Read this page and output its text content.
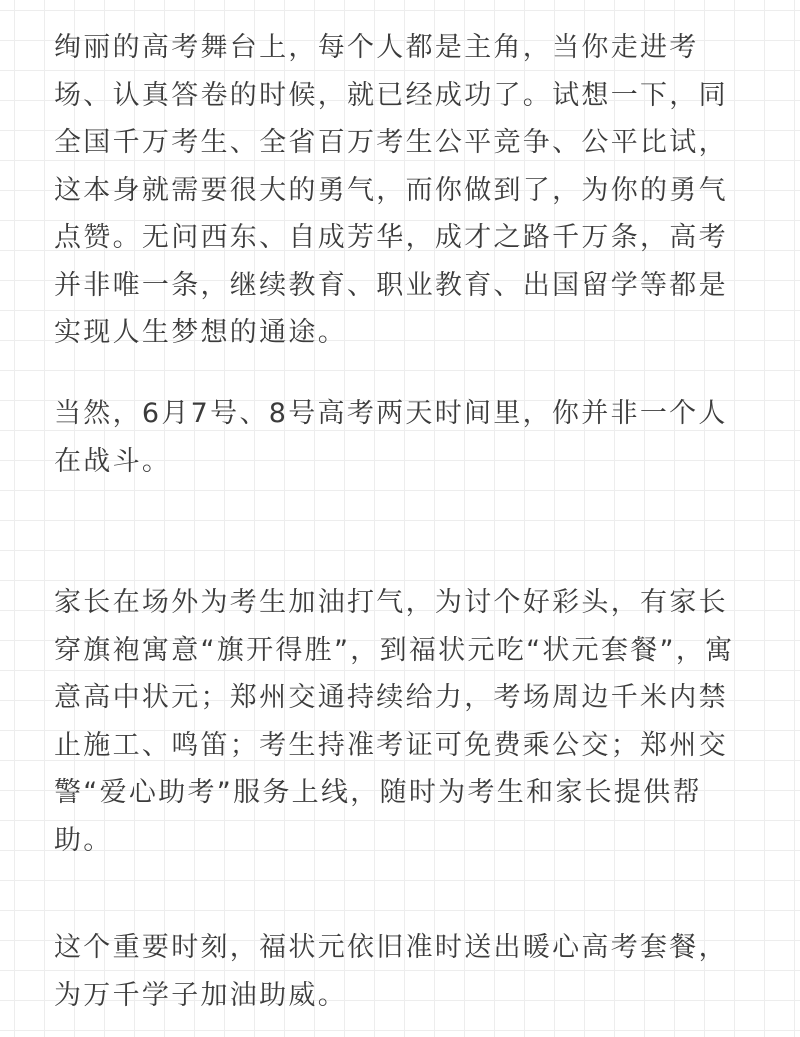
绚丽的高考舞台上，每个人都是主角，当你走进考场、认真答卷的时候，就已经成功了。试想一下，同全国千万考生、全省百万考生公平竞争、公平比试，这本身就需要很大的勇气，而你做到了，为你的勇气点赞。无问西东、自成芳华，成才之路千万条，高考并非唯一条，继续教育、职业教育、出国留学等都是实现人生梦想的通途。

当然，6月7号、8号高考两天时间里，你并非一个人在战斗。

家长在场外为考生加油打气，为讨个好彩头，有家长穿旗袍寓意“旗开得胜”，到福状元吃“状元套餐”，寓意高中状元；郑州交通持续给力，考场周边千米内禁止施工、鸣笛；考生持准考证可免费乘公交；郑州交警“爱心助考”服务上线，随时为考生和家长提供帮助。

这个重要时刻，福状元依旧准时送出暖心高考套餐，为万千学子加油助威。
